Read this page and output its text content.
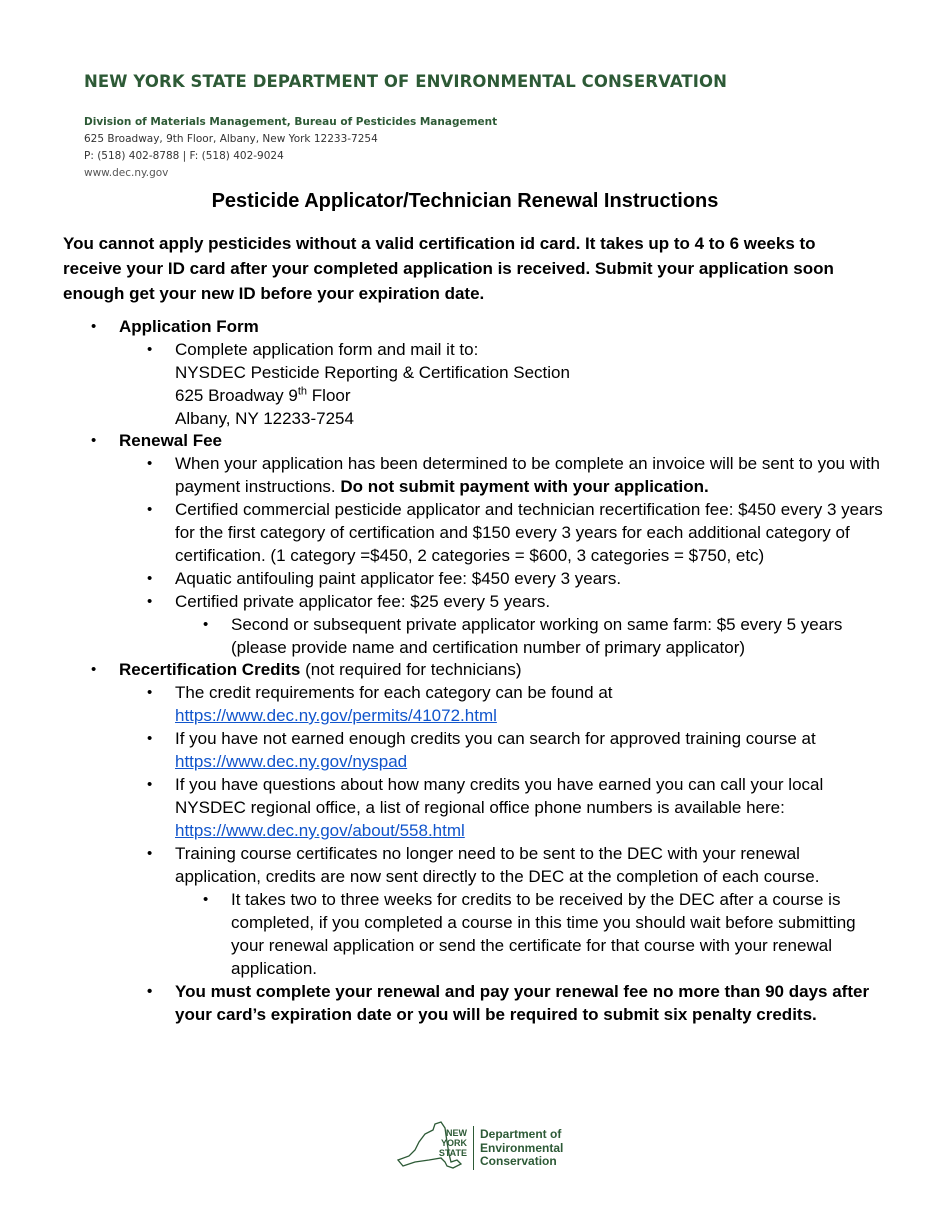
NEW YORK STATE DEPARTMENT OF ENVIRONMENTAL CONSERVATION
Division of Materials Management, Bureau of Pesticides Management
625 Broadway, 9th Floor, Albany, New York 12233-7254
P: (518) 402-8788 | F: (518) 402-9024
www.dec.ny.gov
Pesticide Applicator/Technician Renewal Instructions
You cannot apply pesticides without a valid certification id card. It takes up to 4 to 6 weeks to receive your ID card after your completed application is received. Submit your application soon enough get your new ID before your expiration date.
• Application Form
• Complete application form and mail it to:
NYSDEC Pesticide Reporting & Certification Section
625 Broadway 9th Floor
Albany, NY 12233-7254
• Renewal Fee
• When your application has been determined to be complete an invoice will be sent to you with payment instructions. Do not submit payment with your application.
• Certified commercial pesticide applicator and technician recertification fee: $450 every 3 years for the first category of certification and $150 every 3 years for each additional category of certification. (1 category =$450, 2 categories = $600, 3 categories = $750, etc)
• Aquatic antifouling paint applicator fee: $450 every 3 years.
• Certified private applicator fee: $25 every 5 years.
• Second or subsequent private applicator working on same farm: $5 every 5 years (please provide name and certification number of primary applicator)
• Recertification Credits (not required for technicians)
• The credit requirements for each category can be found at https://www.dec.ny.gov/permits/41072.html
• If you have not earned enough credits you can search for approved training course at https://www.dec.ny.gov/nyspad
• If you have questions about how many credits you have earned you can call your local NYSDEC regional office, a list of regional office phone numbers is available here: https://www.dec.ny.gov/about/558.html
• Training course certificates no longer need to be sent to the DEC with your renewal application, credits are now sent directly to the DEC at the completion of each course.
• It takes two to three weeks for credits to be received by the DEC after a course is completed, if you completed a course in this time you should wait before submitting your renewal application or send the certificate for that course with your renewal application.
• You must complete your renewal and pay your renewal fee no more than 90 days after your card’s expiration date or you will be required to submit six penalty credits.
NEW
YORK
STATE
Department of
Environmental
Conservation
